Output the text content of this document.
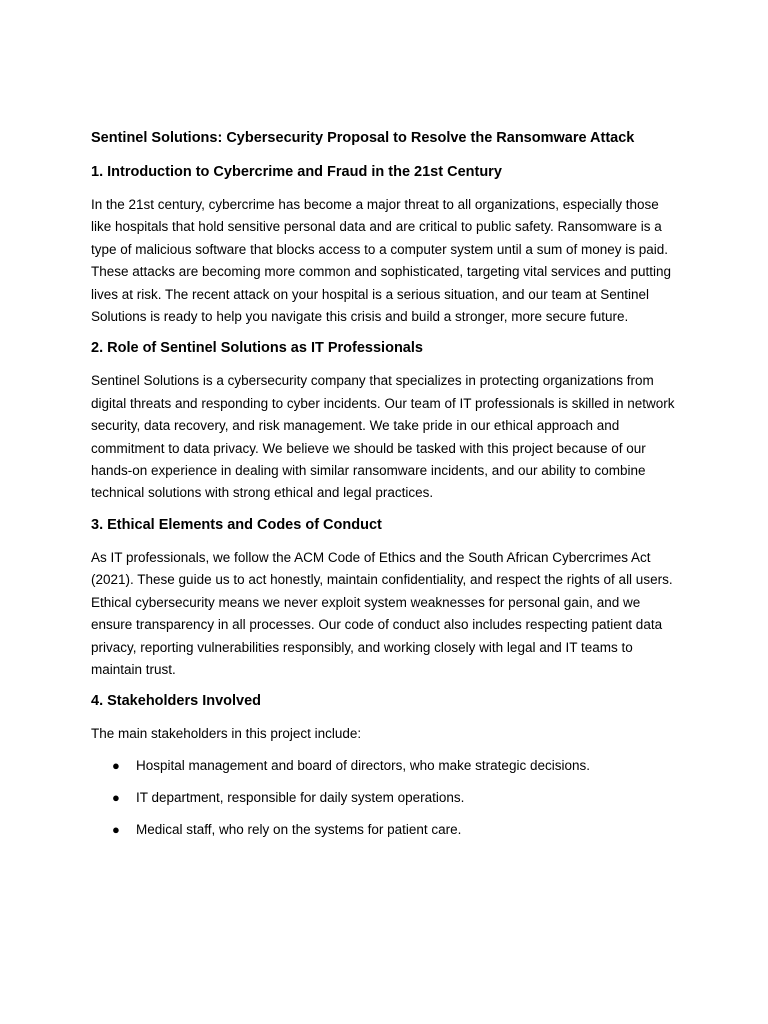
Sentinel Solutions: Cybersecurity Proposal to Resolve the Ransomware Attack
1. Introduction to Cybercrime and Fraud in the 21st Century

In the 21st century, cybercrime has become a major threat to all organizations, especially those like hospitals that hold sensitive personal data and are critical to public safety. Ransomware is a type of malicious software that blocks access to a computer system until a sum of money is paid. These attacks are becoming more common and sophisticated, targeting vital services and putting lives at risk. The recent attack on your hospital is a serious situation, and our team at Sentinel Solutions is ready to help you navigate this crisis and build a stronger, more secure future.

2. Role of Sentinel Solutions as IT Professionals

Sentinel Solutions is a cybersecurity company that specializes in protecting organizations from digital threats and responding to cyber incidents. Our team of IT professionals is skilled in network security, data recovery, and risk management. We take pride in our ethical approach and commitment to data privacy. We believe we should be tasked with this project because of our hands-on experience in dealing with similar ransomware incidents, and our ability to combine technical solutions with strong ethical and legal practices.

3. Ethical Elements and Codes of Conduct

As IT professionals, we follow the ACM Code of Ethics and the South African Cybercrimes Act (2021). These guide us to act honestly, maintain confidentiality, and respect the rights of all users. Ethical cybersecurity means we never exploit system weaknesses for personal gain, and we ensure transparency in all processes. Our code of conduct also includes respecting patient data privacy, reporting vulnerabilities responsibly, and working closely with legal and IT teams to maintain trust.

4. Stakeholders Involved

The main stakeholders in this project include:

● Hospital management and board of directors, who make strategic decisions.
● IT department, responsible for daily system operations.
● Medical staff, who rely on the systems for patient care.
